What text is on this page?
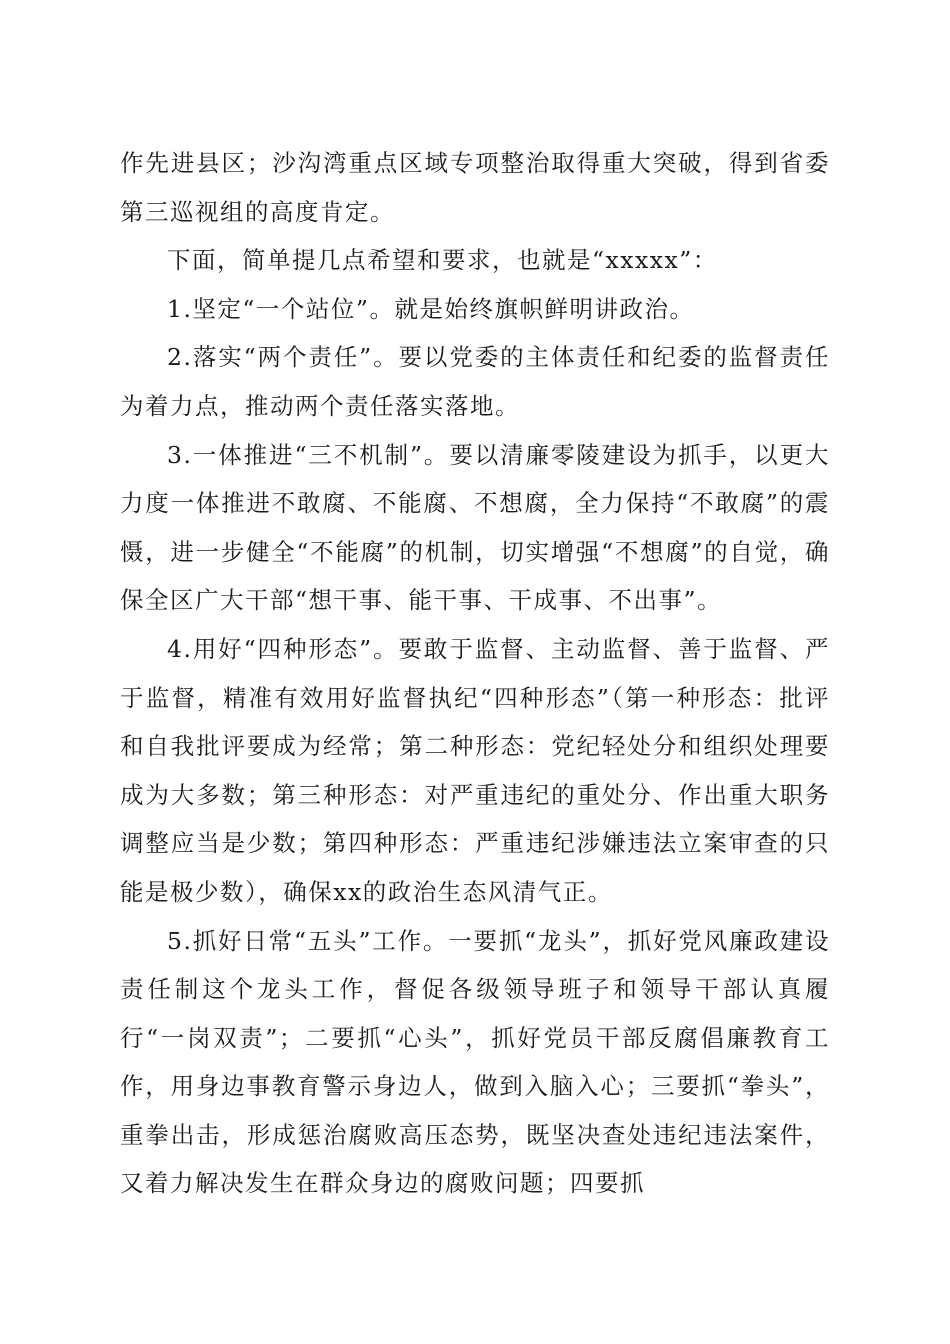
作先进县区；沙沟湾重点区域专项整治取得重大突破，得到省委第三巡视组的高度肯定。

下面，简单提几点希望和要求，也就是“xxxxx”：

1.坚定“一个站位”。就是始终旗帜鲜明讲政治。

2.落实“两个责任”。要以党委的主体责任和纪委的监督责任为着力点，推动两个责任落实落地。

3.一体推进“三不机制”。要以清廉零陵建设为抓手，以更大力度一体推进不敢腐、不能腐、不想腐，全力保持“不敢腐”的震慑，进一步健全“不能腐”的机制，切实增强“不想腐”的自觉，确保全区广大干部“想干事、能干事、干成事、不出事”。

4.用好“四种形态”。要敢于监督、主动监督、善于监督、严于监督，精准有效用好监督执纪“四种形态”（第一种形态：批评和自我批评要成为经常；第二种形态：党纪轻处分和组织处理要成为大多数；第三种形态：对严重违纪的重处分、作出重大职务调整应当是少数；第四种形态：严重违纪涉嫌违法立案审查的只能是极少数），确保xx的政治生态风清气正。

5.抓好日常“五头”工作。一要抓“龙头”，抓好党风廉政建设责任制这个龙头工作，督促各级领导班子和领导干部认真履行“一岗双责”；二要抓“心头”，抓好党员干部反腐倡廉教育工作，用身边事教育警示身边人，做到入脑入心；三要抓“拳头”，重拳出击，形成惩治腐败高压态势，既坚决查处违纪违法案件，又着力解决发生在群众身边的腐败问题；四要抓
